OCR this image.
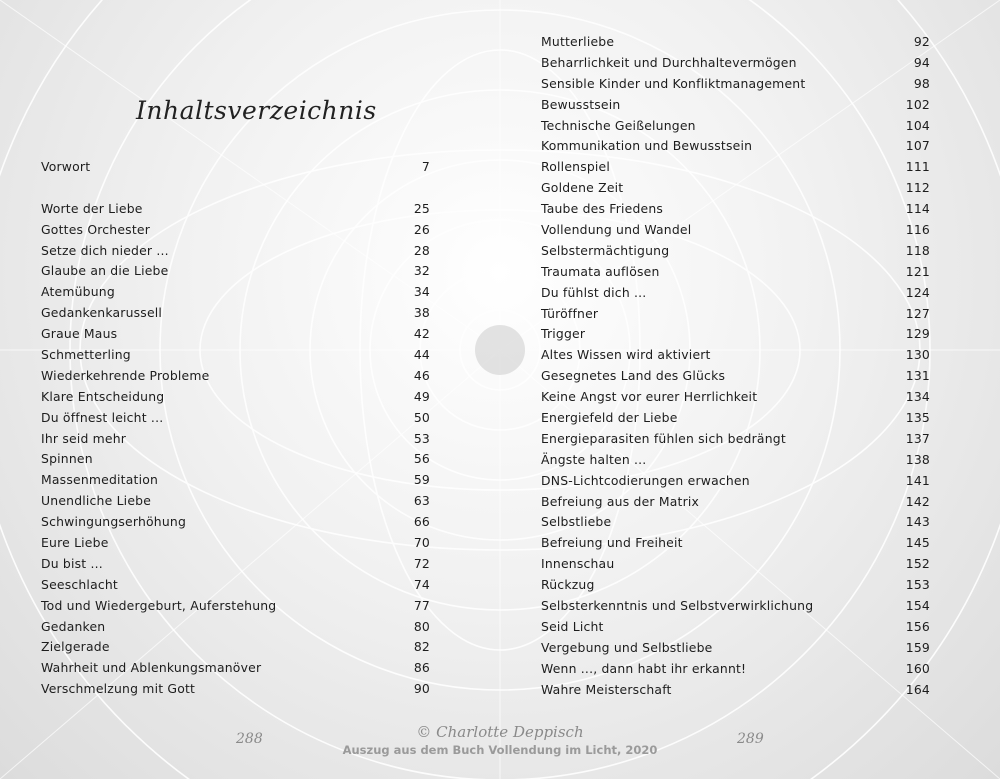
Inhaltsverzeichnis
Vorwort	7
Worte der Liebe	25
Gottes Orchester	26
Setze dich nieder ...	28
Glaube an die Liebe	32
Atemübung	34
Gedankenkarussell	38
Graue Maus	42
Schmetterling	44
Wiederkehrende Probleme	46
Klare Entscheidung	49
Du öffnest leicht ...	50
Ihr seid mehr	53
Spinnen	56
Massenmeditation	59
Unendliche Liebe	63
Schwingungserhöhung	66
Eure Liebe	70
Du bist ...	72
Seeschlacht	74
Tod und Wiedergeburt, Auferstehung	77
Gedanken	80
Zielgerade	82
Wahrheit und Ablenkungsmanöver	86
Verschmelzung mit Gott	90
Mutterliebe	92
Beharrlichkeit und Durchhaltevermögen	94
Sensible Kinder und Konfliktmanagement	98
Bewusstsein	102
Technische Geißelungen	104
Kommunikation und Bewusstsein	107
Rollenspiel	111
Goldene Zeit	112
Taube des Friedens	114
Vollendung und Wandel	116
Selbstermächtigung	118
Traumata auflösen	121
Du fühlst dich ...	124
Türöffner	127
Trigger	129
Altes Wissen wird aktiviert	130
Gesegnetes Land des Glücks	131
Keine Angst vor eurer Herrlichkeit	134
Energiefeld der Liebe	135
Energieparasiten fühlen sich bedrängt	137
Ängste halten ...	138
DNS-Lichtcodierungen erwachen	141
Befreiung aus der Matrix	142
Selbstliebe	143
Befreiung und Freiheit	145
Innenschau	152
Rückzug	153
Selbsterkenntnis und Selbstverwirklichung	154
Seid Licht	156
Vergebung und Selbstliebe	159
Wenn ..., dann habt ihr erkannt!	160
Wahre Meisterschaft	164
288	289
© Charlotte Deppisch
Auszug aus dem Buch Vollendung im Licht, 2020
